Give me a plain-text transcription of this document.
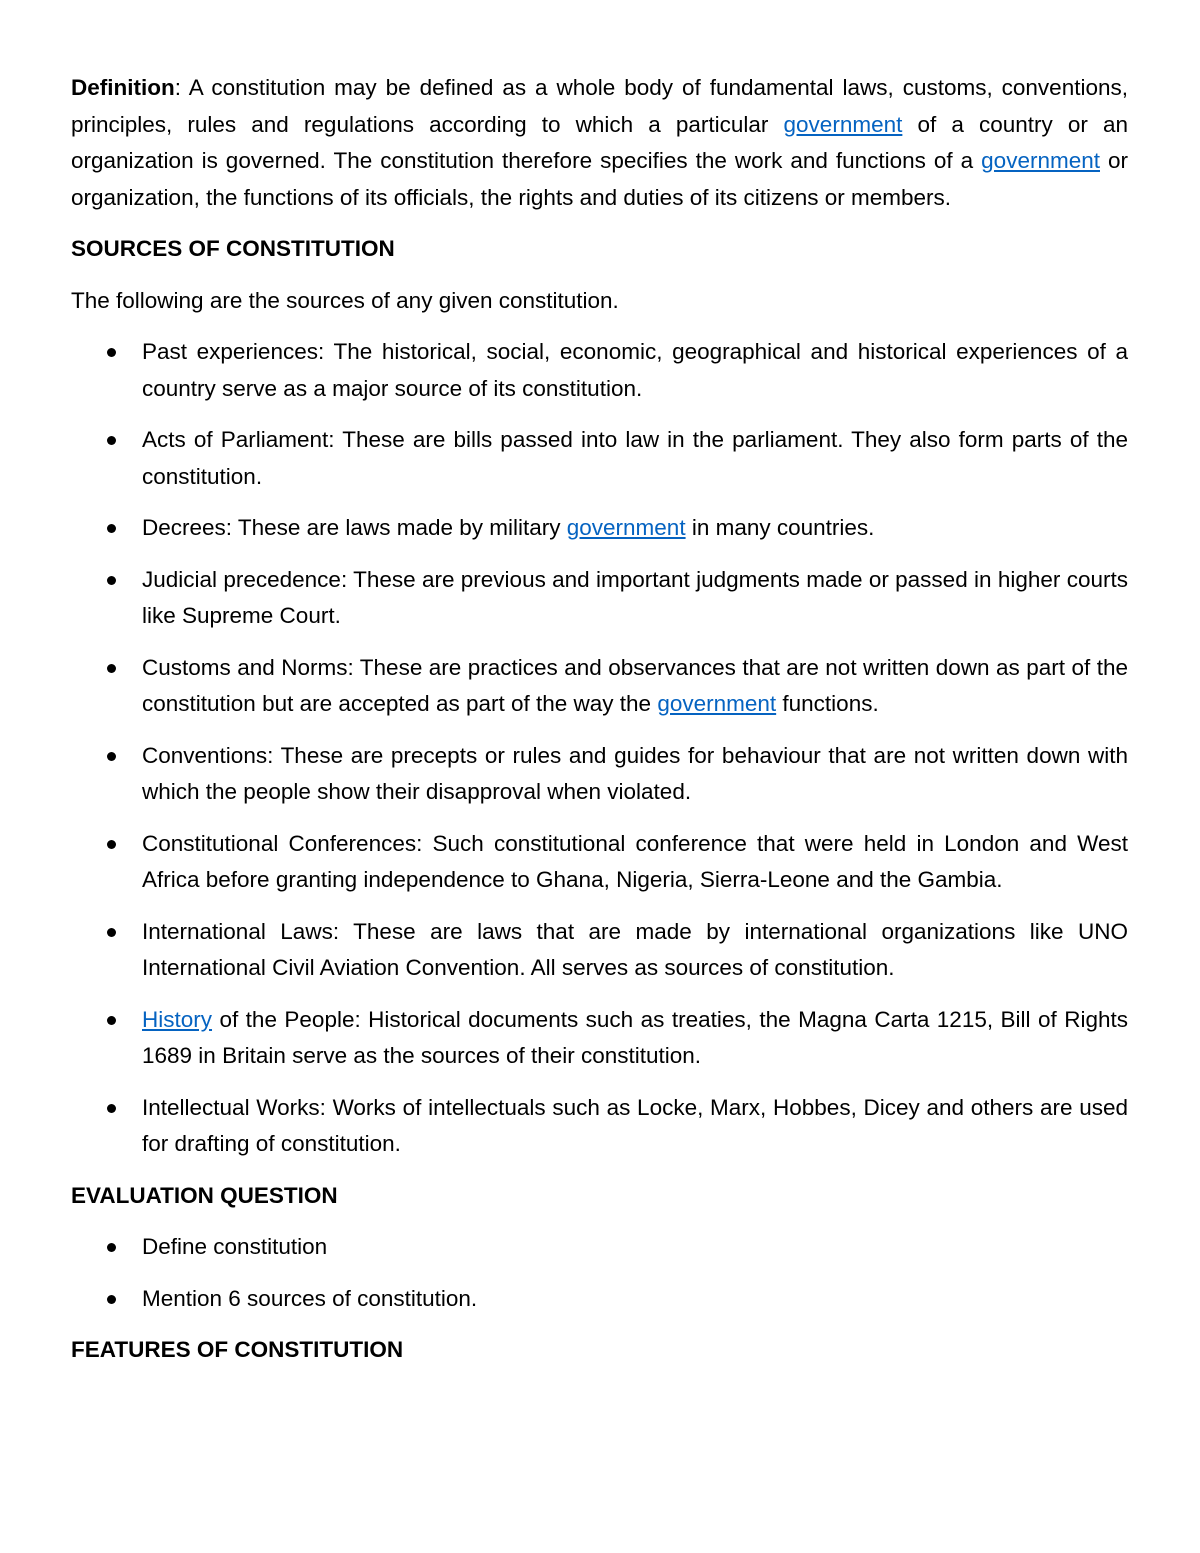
Definition: A constitution may be defined as a whole body of fundamental laws, customs, conventions, principles, rules and regulations according to which a particular government of a country or an organization is governed. The constitution therefore specifies the work and functions of a government or organization, the functions of its officials, the rights and duties of its citizens or members.

SOURCES OF CONSTITUTION

The following are the sources of any given constitution.

Past experiences: The historical, social, economic, geographical and historical experiences of a country serve as a major source of its constitution.
Acts of Parliament: These are bills passed into law in the parliament. They also form parts of the constitution.
Decrees: These are laws made by military government in many countries.
Judicial precedence: These are previous and important judgments made or passed in higher courts like Supreme Court.
Customs and Norms: These are practices and observances that are not written down as part of the constitution but are accepted as part of the way the government functions.
Conventions: These are precepts or rules and guides for behaviour that are not written down with which the people show their disapproval when violated.
Constitutional Conferences: Such constitutional conference that were held in London and West Africa before granting independence to Ghana, Nigeria, Sierra-Leone and the Gambia.
International Laws: These are laws that are made by international organizations like UNO International Civil Aviation Convention. All serves as sources of constitution.
History of the People: Historical documents such as treaties, the Magna Carta 1215, Bill of Rights 1689 in Britain serve as the sources of their constitution.
Intellectual Works: Works of intellectuals such as Locke, Marx, Hobbes, Dicey and others are used for drafting of constitution.

EVALUATION QUESTION

Define constitution
Mention 6 sources of constitution.

FEATURES OF CONSTITUTION
